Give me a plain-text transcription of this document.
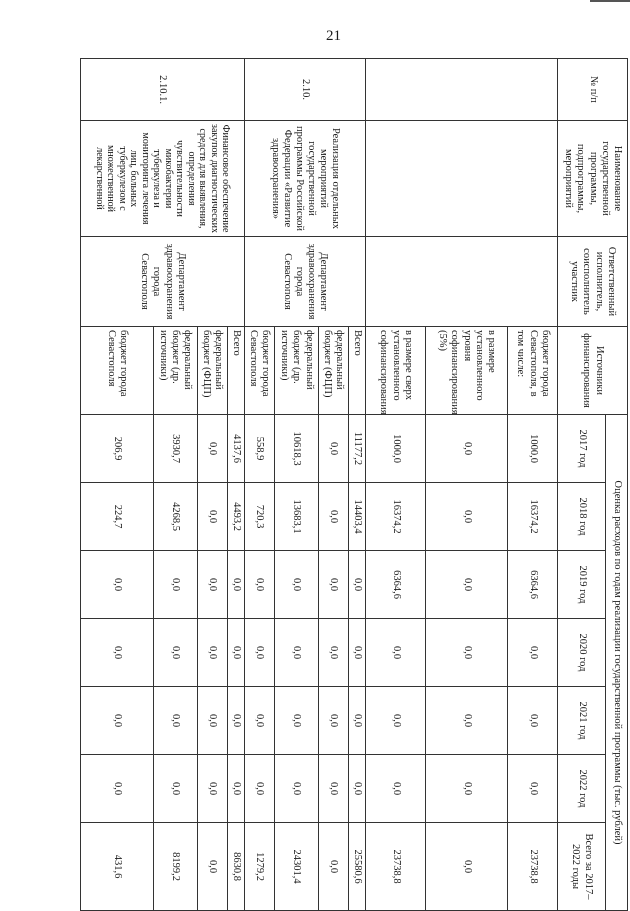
21
№ п/п	Наименование государственной программы, подпрограммы, мероприятий	Ответственный исполнитель, соисполнитель участник	Источники финансирования	Оценка расходов по годам реализации государственной программы (тыс. рублей)						
				2017 год	2018 год	2019 год	2020 год	2021 год	2022 год	Всего за 2017–2022 годы
			бюджет города Севастополя, в том числе:	1000,0	16374,2	6364,6	0,0	0,0	0,0	23738,8
			в размере установленного уровня софинансирования (5%)	0,0	0,0	0,0	0,0	0,0	0,0	0,0
			в размере сверх установленного софинансирования	1000,0	16374,2	6364,6	0,0	0,0	0,0	23738,8
2.10.	Реализация отдельных мероприятий государственной программы Российской Федерации «Развитие здравоохранения»	Департамент здравоохранения города Севастополя	Всего	11177,2	14403,4	0,0	0,0	0,0	0,0	25580,6
			федеральный бюджет (ФЦП)	0,0	0,0	0,0	0,0	0,0	0,0	0,0
			федеральный бюджет (др. источники)	10618,3	13683,1	0,0	0,0	0,0	0,0	24301,4
			бюджет города Севастополя	558,9	720,3	0,0	0,0	0,0	0,0	1279,2
2.10.1.	Финансовое обеспечение закупок диагностических средств для выявления, определения чувствительности микобактерии туберкулеза и мониторинга лечения лиц, больных туберкулезом с множественной лекарственной	Департамент здравоохранения города Севастополя	Всего	4137,6	4493,2	0,0	0,0	0,0	0,0	8630,8
			федеральный бюджет (ФЦП)	0,0	0,0	0,0	0,0	0,0	0,0	0,0
			федеральный бюджет (др. источники)	3930,7	4268,5	0,0	0,0	0,0	0,0	8199,2
			бюджет города Севастополя	206,9	224,7	0,0	0,0	0,0	0,0	431,6
